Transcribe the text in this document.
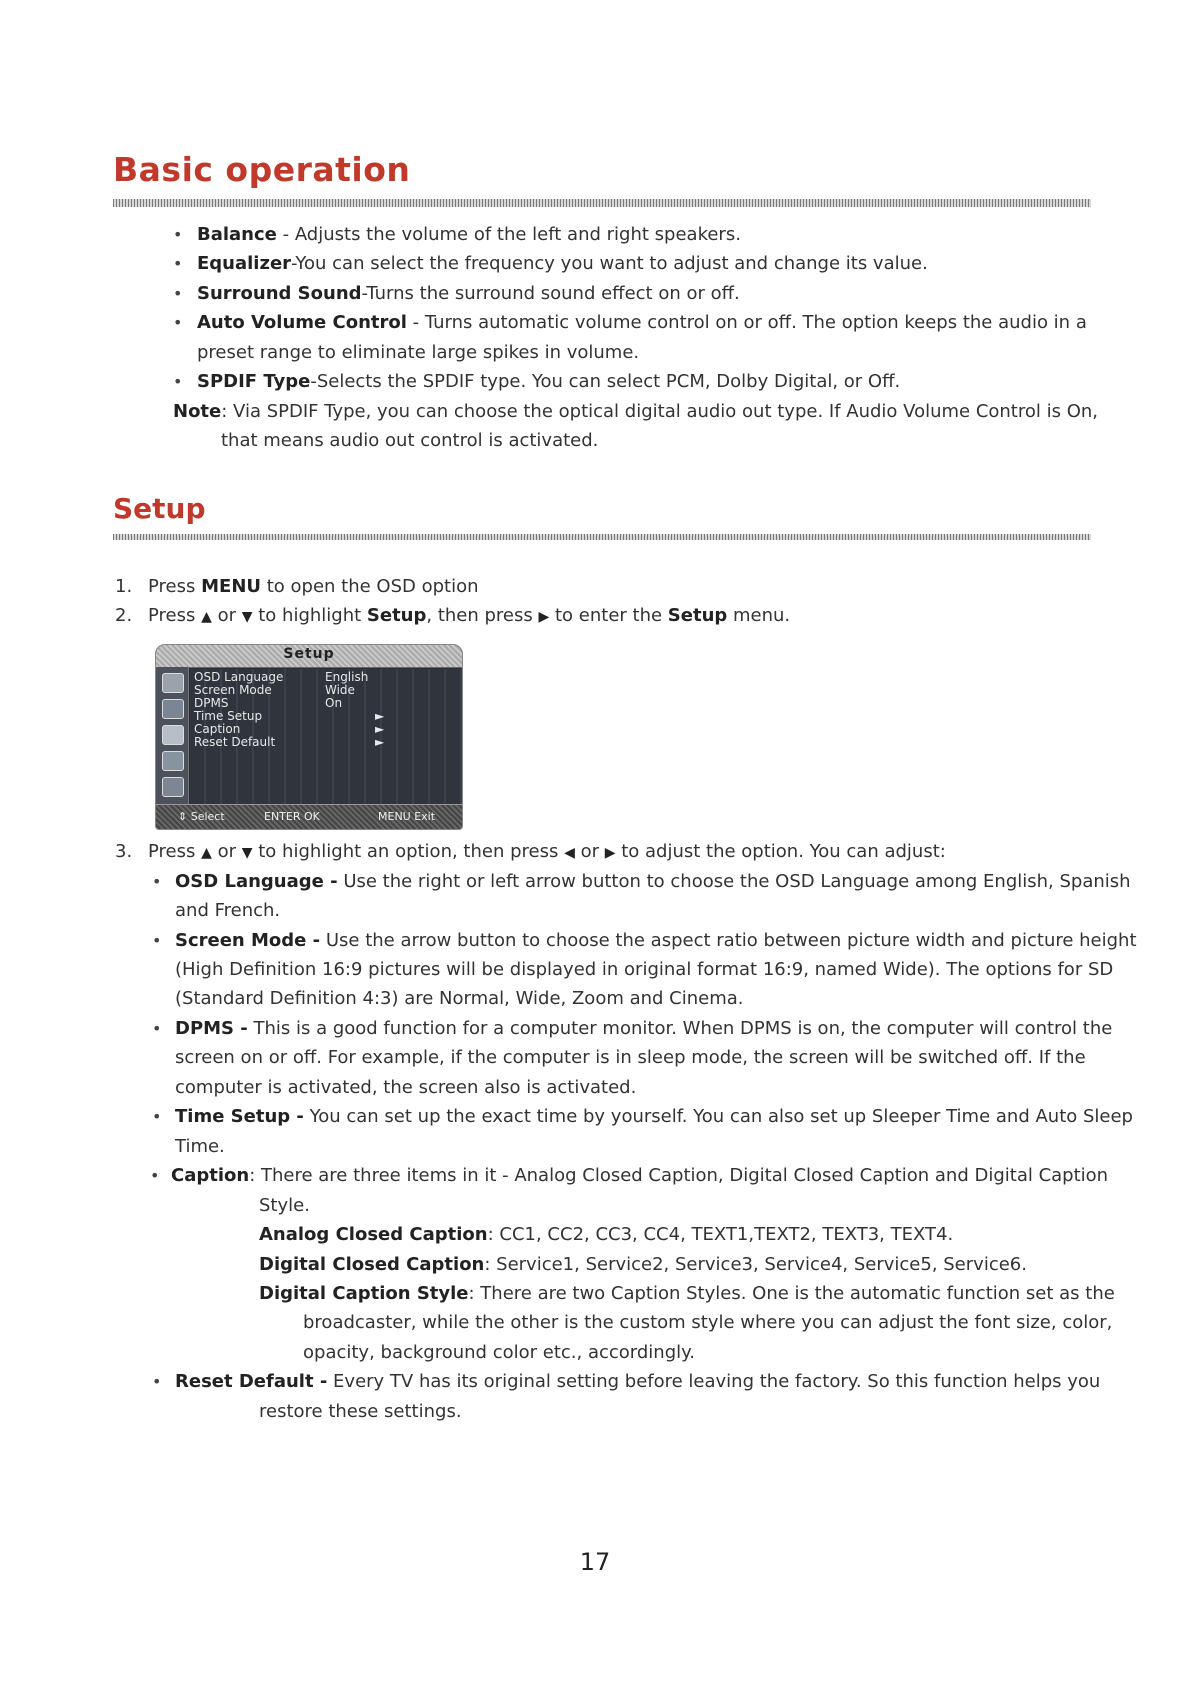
Basic operation
• Balance - Adjusts the volume of the left and right speakers.
• Equalizer-You can select the frequency you want to adjust and change its value.
• Surround Sound-Turns the surround sound effect on or off.
• Auto Volume Control - Turns automatic volume control on or off. The option keeps the audio in a
preset range to eliminate large spikes in volume.
• SPDIF Type-Selects the SPDIF type. You can select PCM, Dolby Digital, or Off.
Note: Via SPDIF Type, you can choose the optical digital audio out type. If Audio Volume Control is On,
that means audio out control is activated.
Setup
1. Press MENU to open the OSD option
2. Press ▲ or ▼ to highlight Setup, then press ▶ to enter the Setup menu.
Setup
OSD Language	English
Screen Mode	Wide
DPMS	On
Time Setup	►
Caption	►
Reset Default	►
⇕ Select	ENTER OK	MENU Exit
3. Press ▲ or ▼ to highlight an option, then press ◀ or ▶ to adjust the option. You can adjust:
• OSD Language - Use the right or left arrow button to choose the OSD Language among English, Spanish
and French.
• Screen Mode - Use the arrow button to choose the aspect ratio between picture width and picture height
(High Definition 16:9 pictures will be displayed in original format 16:9, named Wide). The options for SD
(Standard Definition 4:3) are Normal, Wide, Zoom and Cinema.
• DPMS - This is a good function for a computer monitor. When DPMS is on, the computer will control the
screen on or off. For example, if the computer is in sleep mode, the screen will be switched off. If the
computer is activated, the screen also is activated.
• Time Setup - You can set up the exact time by yourself. You can also set up Sleeper Time and Auto Sleep
Time.
• Caption: There are three items in it - Analog Closed Caption, Digital Closed Caption and Digital Caption
Style.
Analog Closed Caption: CC1, CC2, CC3, CC4, TEXT1,TEXT2, TEXT3, TEXT4.
Digital Closed Caption: Service1, Service2, Service3, Service4, Service5, Service6.
Digital Caption Style: There are two Caption Styles. One is the automatic function set as the
broadcaster, while the other is the custom style where you can adjust the font size, color,
opacity, background color etc., accordingly.
• Reset Default - Every TV has its original setting before leaving the factory. So this function helps you
restore these settings.
17
